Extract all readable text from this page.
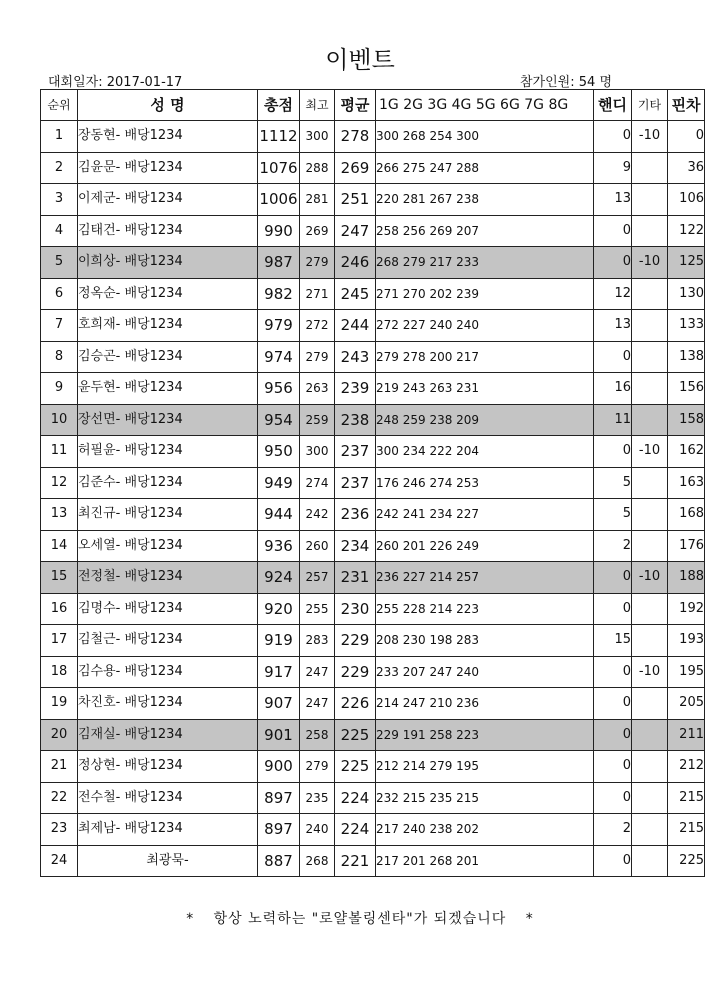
이벤트
대회일자: 2017-01-17	참가인원: 54 명
순위	성 명	총점	최고	평균	1G 2G 3G 4G 5G 6G 7G 8G	핸디	기타	핀차
1	장동현- 배당1234	1112	300	278	300 268 254 300	0	-10	0
2	김윤문- 배당1234	1076	288	269	266 275 247 288	9		36
3	이제군- 배당1234	1006	281	251	220 281 267 238	13		106
4	김태건- 배당1234	990	269	247	258 256 269 207	0		122
5	이희상- 배당1234	987	279	246	268 279 217 233	0	-10	125
6	정옥순- 배당1234	982	271	245	271 270 202 239	12		130
7	호희재- 배당1234	979	272	244	272 227 240 240	13		133
8	김승곤- 배당1234	974	279	243	279 278 200 217	0		138
9	윤두현- 배당1234	956	263	239	219 243 263 231	16		156
10	장선면- 배당1234	954	259	238	248 259 238 209	11		158
11	허필윤- 배당1234	950	300	237	300 234 222 204	0	-10	162
12	김준수- 배당1234	949	274	237	176 246 274 253	5		163
13	최진규- 배당1234	944	242	236	242 241 234 227	5		168
14	오세열- 배당1234	936	260	234	260 201 226 249	2		176
15	전정철- 배당1234	924	257	231	236 227 214 257	0	-10	188
16	김명수- 배당1234	920	255	230	255 228 214 223	0		192
17	김철근- 배당1234	919	283	229	208 230 198 283	15		193
18	김수용- 배당1234	917	247	229	233 207 247 240	0	-10	195
19	차진호- 배당1234	907	247	226	214 247 210 236	0		205
20	김재실- 배당1234	901	258	225	229 191 258 223	0		211
21	정상현- 배당1234	900	279	225	212 214 279 195	0		212
22	전수철- 배당1234	897	235	224	232 215 235 215	0		215
23	최제남- 배당1234	897	240	224	217 240 238 202	2		215
24	최광묵-	887	268	221	217 201 268 201	0		225
* 항상 노력하는 "로얄볼링센타"가 되겠습니다 *
